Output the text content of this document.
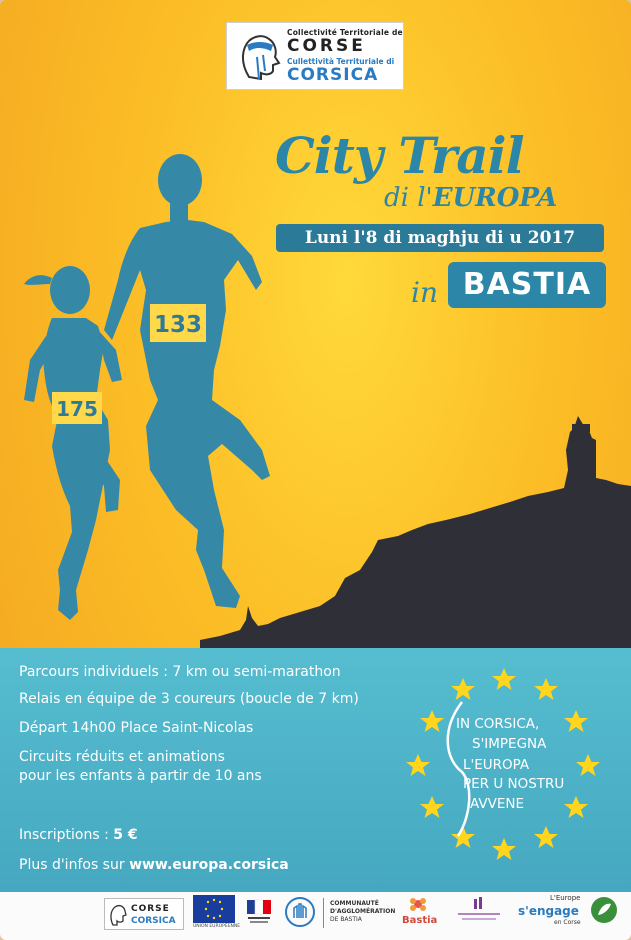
Collectivité Territoriale de
CORSE
Cullettività Territuriale di
CORSICA
175
133
City Trail
di l'EUROPA
Luni l'8 di maghju di u 2017
in BASTIA
Parcours individuels : 7 km ou semi-marathon
Relais en équipe de 3 coureurs (boucle de 7 km)
Départ 14h00 Place Saint-Nicolas
Circuits réduits et animations
pour les enfants à partir de 10 ans
Inscriptions : 5 €
Plus d'infos sur www.europa.corsica
IN CORSICA,
S'IMPEGNA
L'EUROPA
PER U NOSTRU
AVVENE
CORSE
CORSICA
UNION EUROPÉENNE
COMMUNAUTÉ
D'AGGLOMÉRATION
DE BASTIA	Bastia
L'Europe
s'engage
en Corse
